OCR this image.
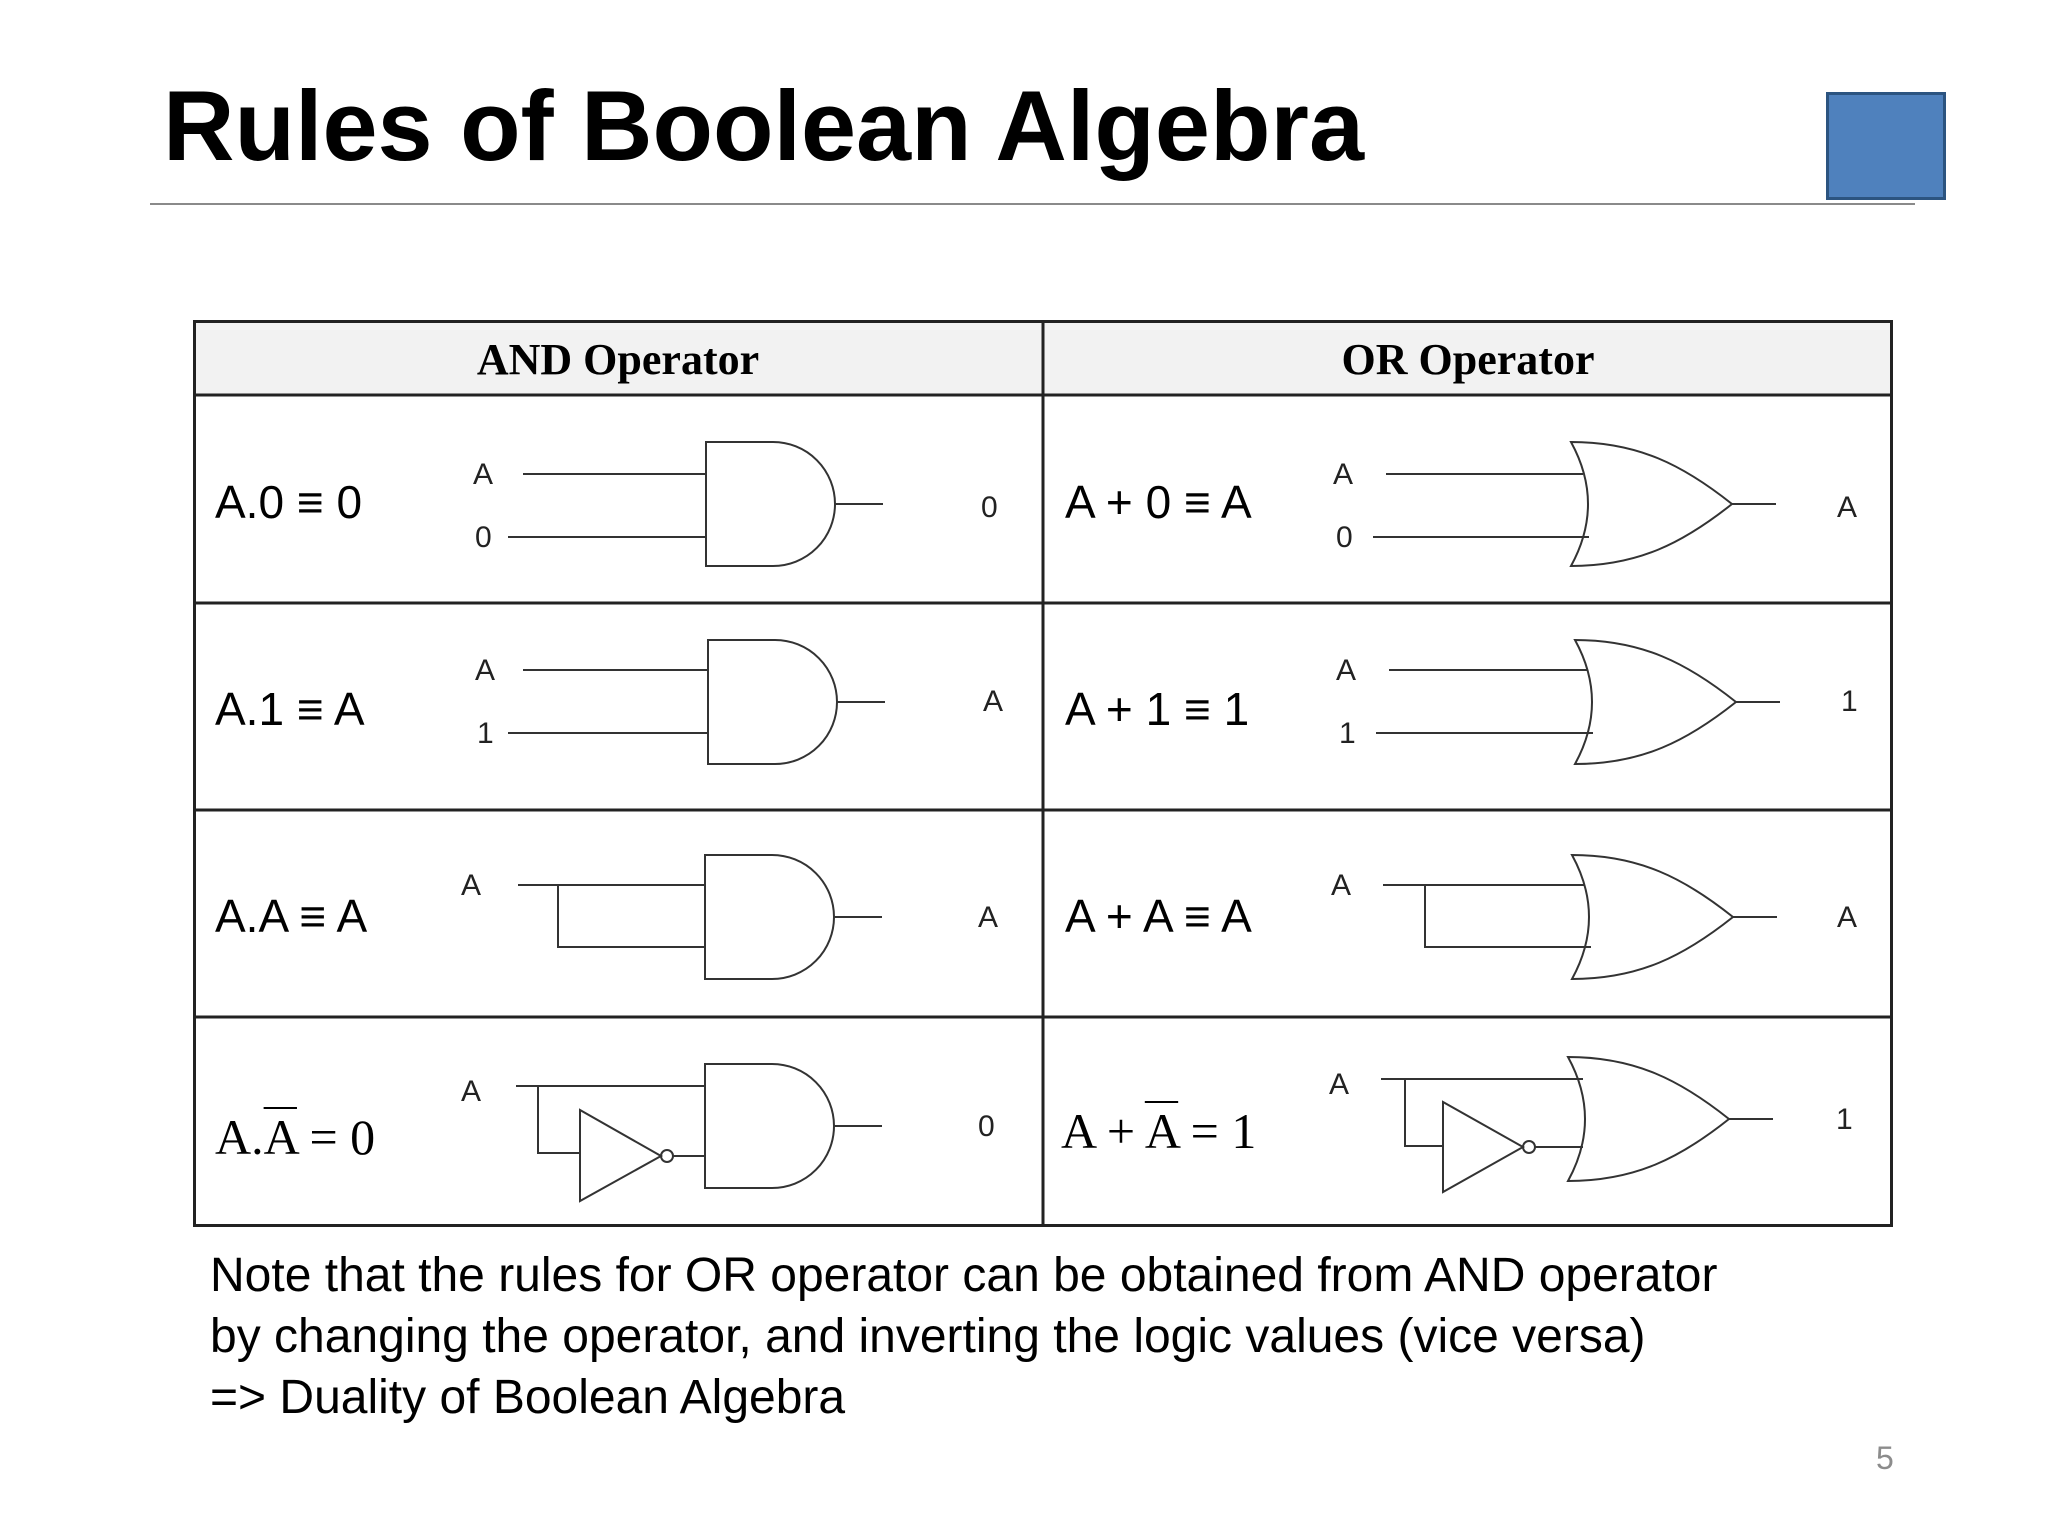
Rules of Boolean Algebra
AND Operator	OR Operator
A.0 ≡ 0
A.1 ≡ A
A.A ≡ A
$A.\overline{A} = 0$
A + 0 ≡ A
A + 1 ≡ 1
A + A ≡ A
$A + \overline{A} = 1$
A
0
0
A
1
A
A
A
A
0
A
0
A
A
1
1
A
A
A
1
Note that the rules for OR operator can be obtained from AND operator
by changing the operator, and inverting the logic values (vice versa)
=> Duality of Boolean Algebra
5
